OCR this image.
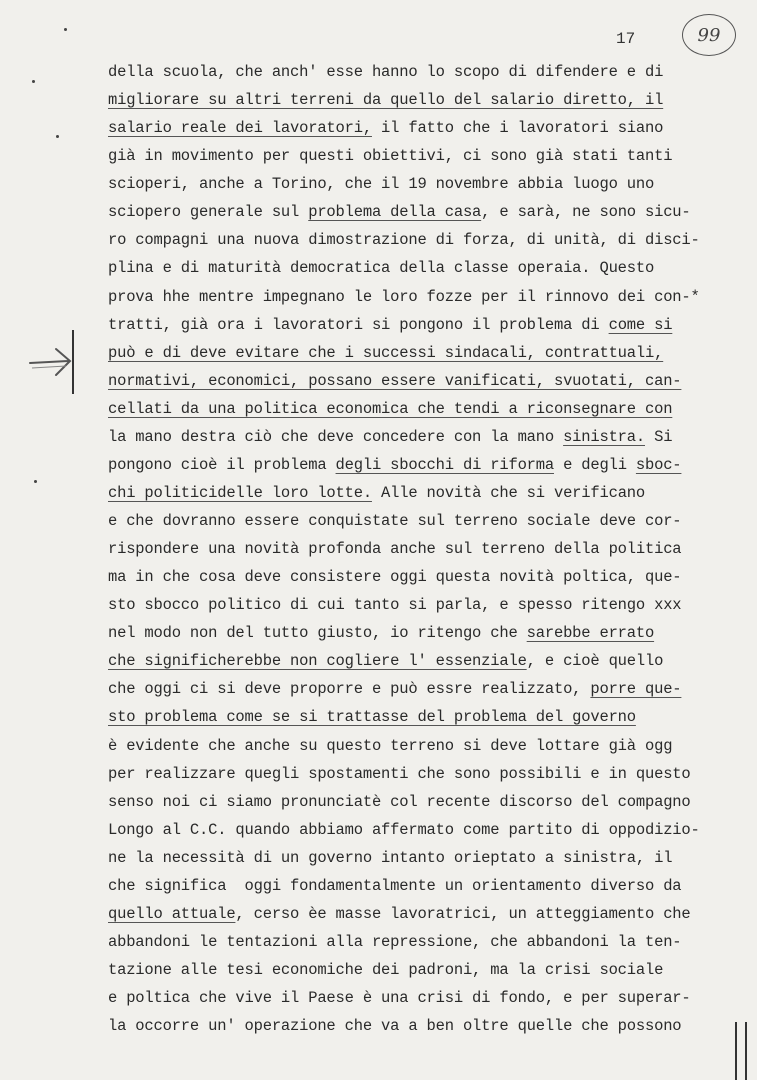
17	99
della scuola, che anch' esse hanno lo scopo di difendere e di
migliorare su altri terreni da quello del salario diretto, il
salario reale dei lavoratori, il fatto che i lavoratori siano
già in movimento per questi obiettivi, ci sono già stati tanti
scioperi, anche a Torino, che il 19 novembre abbia luogo uno
sciopero generale sul problema della casa, e sarà, ne sono sicu-
ro compagni una nuova dimostrazione di forza, di unità, di disci-
plina e di maturità democratica della classe operaia. Questo
prova hhe mentre impegnano le loro fozze per il rinnovo dei con-*
tratti, già ora i lavoratori si pongono il problema di come si
può e di deve evitare che i successi sindacali, contrattuali,
normativi, economici, possano essere vanificati, svuotati, can-
cellati da una politica economica che tendi a riconsegnare con
la mano destra ciò che deve concedere con la mano sinistra. Si
pongono cioè il problema degli sbocchi di riforma e degli sboc-
chi politicidelle loro lotte. Alle novità che si verificano
e che dovranno essere conquistate sul terreno sociale deve cor-
rispondere una novità profonda anche sul terreno della politica
ma in che cosa deve consistere oggi questa novità poltica, que-
sto sbocco politico di cui tanto si parla, e spesso ritengo xxx
nel modo non del tutto giusto, io ritengo che sarebbe errato
che significherebbe non cogliere l' essenziale, e cioè quello
che oggi ci si deve proporre e può essre realizzato, porre que-
sto problema come se si trattasse del problema del governo
è evidente che anche su questo terreno si deve lottare già ogg
per realizzare quegli spostamenti che sono possibili e in questo
senso noi ci siamo pronunciatè col recente discorso del compagno
Longo al C.C. quando abbiamo affermato come partito di oppodizio-
ne la necessità di un governo intanto orieptato a sinistra, il
che significa  oggi fondamentalmente un orientamento diverso da
quello attuale, cerso èe masse lavoratrici, un atteggiamento che
abbandoni le tentazioni alla repressione, che abbandoni la ten-
tazione alle tesi economiche dei padroni, ma la crisi sociale
e poltica che vive il Paese è una crisi di fondo, e per superar-
la occorre un' operazione che va a ben oltre quelle che possono
